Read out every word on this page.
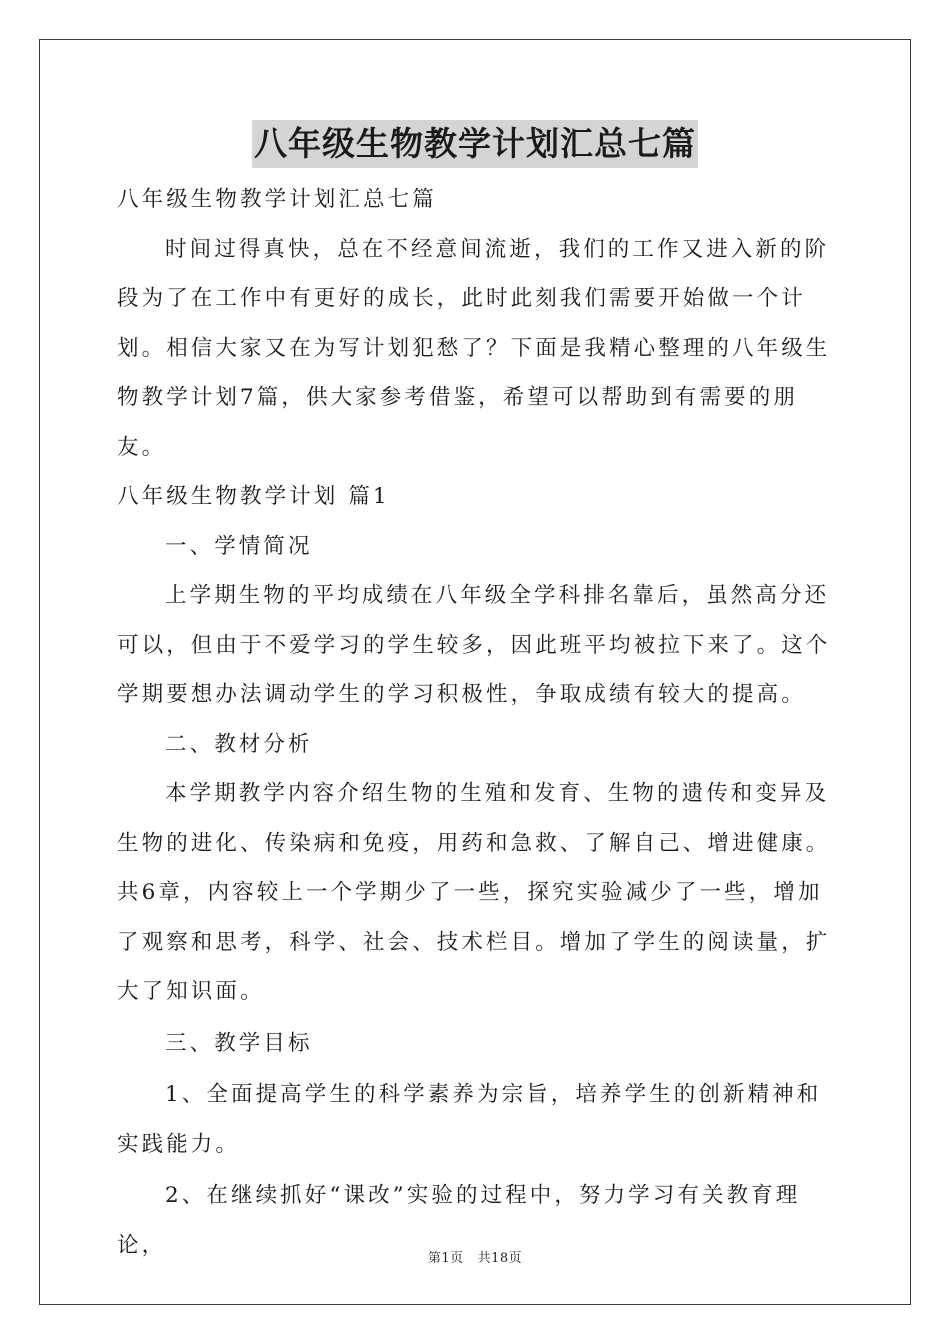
八年级生物教学计划汇总七篇

八年级生物教学计划汇总七篇

时间过得真快，总在不经意间流逝，我们的工作又进入新的阶段为了在工作中有更好的成长，此时此刻我们需要开始做一个计划。相信大家又在为写计划犯愁了？下面是我精心整理的八年级生物教学计划7篇，供大家参考借鉴，希望可以帮助到有需要的朋友。

八年级生物教学计划 篇1

一、学情简况

上学期生物的平均成绩在八年级全学科排名靠后，虽然高分还可以，但由于不爱学习的学生较多，因此班平均被拉下来了。这个学期要想办法调动学生的学习积极性，争取成绩有较大的提高。

二、教材分析

本学期教学内容介绍生物的生殖和发育、生物的遗传和变异及生物的进化、传染病和免疫，用药和急救、了解自己、增进健康。共6章，内容较上一个学期少了一些，探究实验减少了一些，增加了观察和思考，科学、社会、技术栏目。增加了学生的阅读量，扩大了知识面。

三、教学目标

1、全面提高学生的科学素养为宗旨，培养学生的创新精神和实践能力。

2、在继续抓好“课改”实验的过程中，努力学习有关教育理论，

第1页 共18页
